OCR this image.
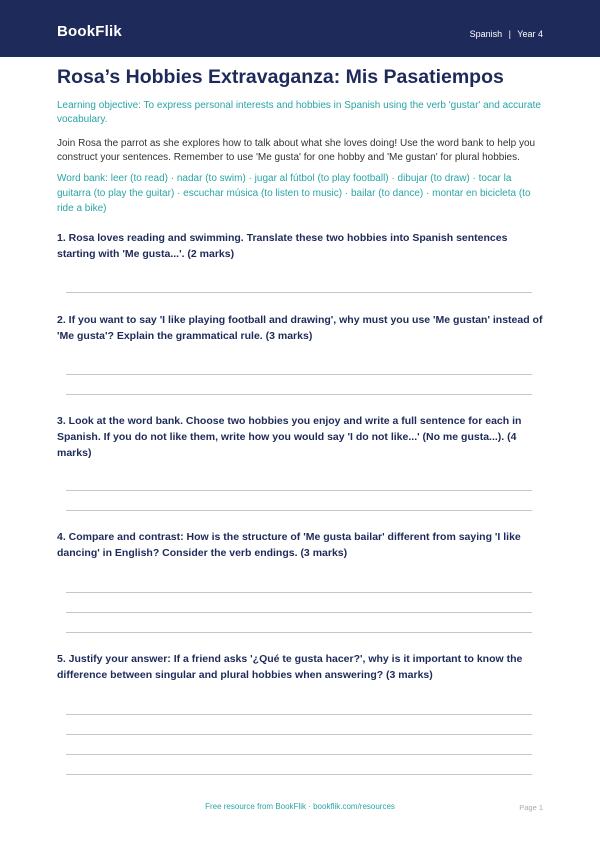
BookFlik	Spanish | Year 4
Rosa’s Hobbies Extravaganza: Mis Pasatiempos
Learning objective: To express personal interests and hobbies in Spanish using the verb 'gustar' and accurate vocabulary.
Join Rosa the parrot as she explores how to talk about what she loves doing! Use the word bank to help you construct your sentences. Remember to use 'Me gusta' for one hobby and 'Me gustan' for plural hobbies.
Word bank: leer (to read) · nadar (to swim) · jugar al fútbol (to play football) · dibujar (to draw) · tocar la guitarra (to play the guitar) · escuchar música (to listen to music) · bailar (to dance) · montar en bicicleta (to ride a bike)
1. Rosa loves reading and swimming. Translate these two hobbies into Spanish sentences starting with 'Me gusta...'. (2 marks)
2. If you want to say 'I like playing football and drawing', why must you use 'Me gustan' instead of 'Me gusta'? Explain the grammatical rule. (3 marks)
3. Look at the word bank. Choose two hobbies you enjoy and write a full sentence for each in Spanish. If you do not like them, write how you would say 'I do not like...' (No me gusta...). (4 marks)
4. Compare and contrast: How is the structure of 'Me gusta bailar' different from saying 'I like dancing' in English? Consider the verb endings. (3 marks)
5. Justify your answer: If a friend asks '¿Qué te gusta hacer?', why is it important to know the difference between singular and plural hobbies when answering? (3 marks)
Free resource from BookFlik · bookflik.com/resources	Page 1
